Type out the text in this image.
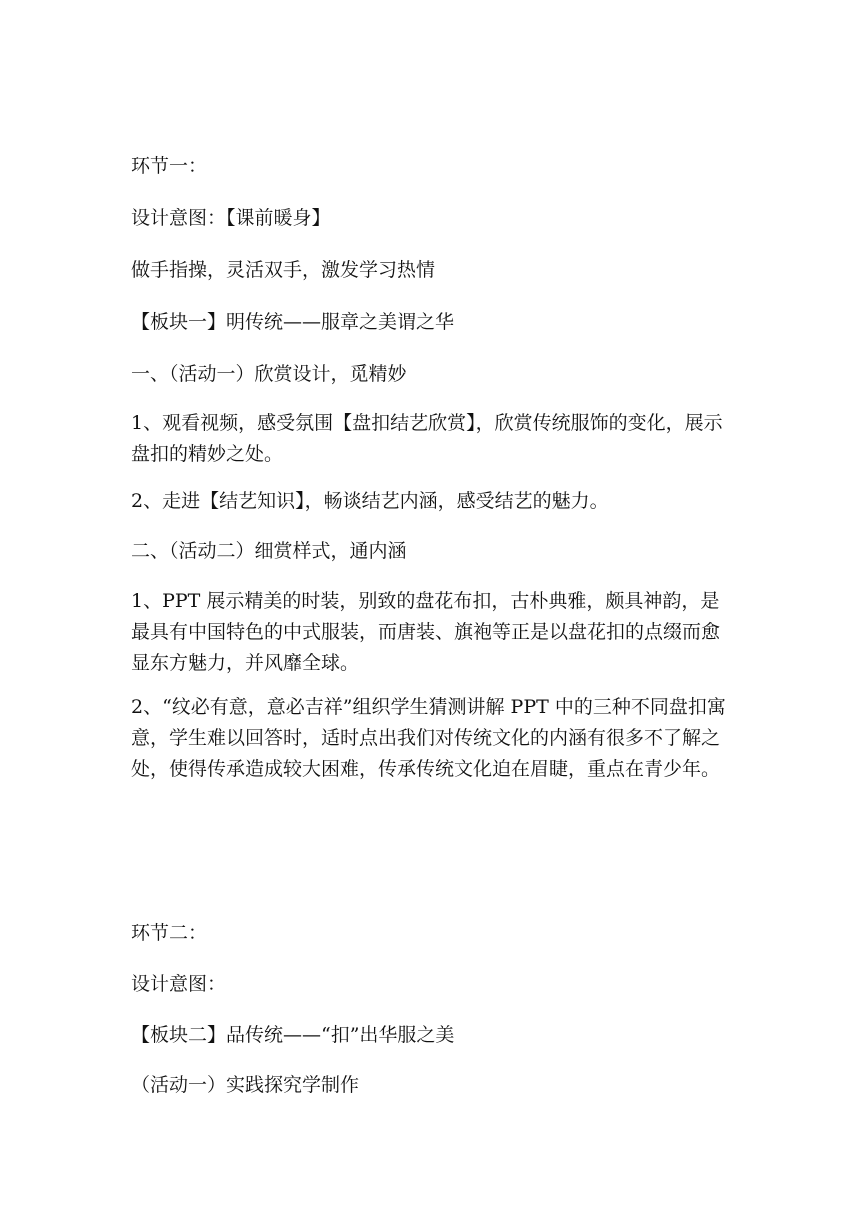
环节一：

设计意图：【课前暖身】

做手指操，灵活双手，激发学习热情

【板块一】明传统——服章之美谓之华

一、（活动一）欣赏设计，觅精妙

1、观看视频，感受氛围【盘扣结艺欣赏】，欣赏传统服饰的变化，展示盘扣的精妙之处。

2、走进【结艺知识】，畅谈结艺内涵，感受结艺的魅力。

二、（活动二）细赏样式，通内涵

1、PPT 展示精美的时装，别致的盘花布扣，古朴典雅，颇具神韵，是最具有中国特色的中式服装，而唐装、旗袍等正是以盘花扣的点缀而愈显东方魅力，并风靡全球。

2、“纹必有意，意必吉祥”组织学生猜测讲解 PPT 中的三种不同盘扣寓意，学生难以回答时，适时点出我们对传统文化的内涵有很多不了解之处，使得传承造成较大困难，传承传统文化迫在眉睫，重点在青少年。

环节二：

设计意图：

【板块二】品传统——“扣”出华服之美

（活动一）实践探究学制作
